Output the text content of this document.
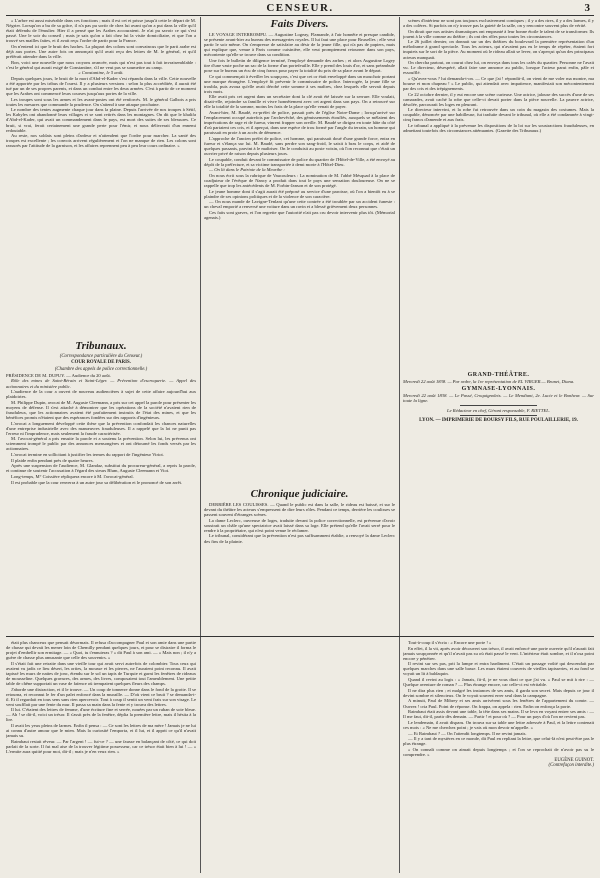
CENSEUR.	3

« L'arbre est aussi misérable dans ces fonctions ; mais il est cet et prisse jusqu'à cette le départ de M. Négrier. Lorsqu'on a bu de sa grâce, il n'a pas pu sortir de chez lui avant qu'on a put dans la ville qu'il était défendu de l'émulier. Hier il a pensé que les Arabes accouraient. Je n'ai pu savoir ce qui s'est passé. Une le soir du conseil ; mais je sais qu'on a fait chez lui la visite domiciliaire, et que l'on a trouvé ses mailles faites, et il avait reçu l'ordre de partir pour la France.

On n'entend ici que le bruit des haches. La plupart des colons sont convaincus que le parti arabe est déjà aux portes. Une autre fois on annonçait qu'il avait reçu des lettres de M. le général, et qu'il préférait attendre dans la ville.

Bon, voici une nouvelle que nous croyons avancée, mais qui n'est pas tout à fait invraisemblable : c'est le général qui aurait exigé de Constantine, s'il ne veut pas se soumettre au camp.

« Constantine, le 5 août.

Depuis quelques jours, le bruit de la mort d'Abd-el-Kader s'est répandu dans la ville. Cette nouvelle a été apportée par les tribus de l'ouest. Il y a plusieurs versions : selon la plus accréditée, il aurait été tué par un de ses propres parents, et dans un combat entre les deux armées. C'est à partir de ce moment que les Arabes ont commencé leurs courses jusqu'aux portes de la ville.

Les troupes sont sous les armes et les avant-postes ont été renforcés. M. le général Galbois a pris toutes les mesures que commande la prudence. On s'attend à une attaque prochaine.

Le nombre des tentes augmente chaque jour dans la plaine. Depuis l'arrivée de nos troupes à Sétif, les Kabyles ont abandonné leurs villages et se sont retirés dans les montagnes. On dit que le khalifa d'Abd-el-Kader, qui avait un commandement dans le pays, est mort des suites de ses blessures. Ce bruit, si vrai, ferait certainement une grande perte pour l'émir, et nous délivrerait d'un ennemi redoutable.

Au reste, nos soldats sont pleins d'ardeur et n'attendent que l'ordre pour marcher. La santé des troupes est excellente ; les convois arrivent régulièrement et l'on ne manque de rien. Les colons sont rassurés par l'attitude de la garnison, et les affaires reprennent peu à peu leur cours ordinaire. »

Tribunaux.
(Correspondance particulière du Censeur.)
COUR ROYALE DE PARIS.
(Chambre des appels de police correctionnelle.)

PRÉSIDENCE DE M. DUPUY. — Audience du 20 août.

Rôle des mines de Saint-Bérain et Saint-Léger. — Prévention d'escroquerie. — Appel des actionnaires et du ministère public.

L'audience de la cour a ouvert de nouveau audiencières à sujet de cette affaire aujourd'hui aux plaidoiries.

M. Philippe Dupin, avocat de M. Auguste Cleemann, a pris sur cet appel la parole pour présenter les moyens de défense. Il s'est attaché à démontrer que les opérations de la société n'avaient rien de frauduleux, que les actionnaires avaient été parfaitement instruits de l'état des mines, et que les bénéfices promis n'étaient que des espérances fondées sur des rapports d'ingénieurs.

L'avocat a longuement développé cette thèse que la prévention confondait les chances naturelles d'une entreprise industrielle avec des manœuvres frauduleuses. Il a rappelé que la loi ne punit pas l'erreur ni l'imprudence, mais seulement la fraude caractérisée.

M. l'avocat-général a pris ensuite la parole et a soutenu la prévention. Selon lui, les prévenus ont sciemment trompé le public par des annonces mensongères et ont détourné les fonds versés par les actionnaires.

L'avocat termine en sollicitant à justifier les termes du rapport de l'ingénieur Viriot.

Il plaide enfin pendant près de quatre heures.

Après une suspension de l'audience, M. Glandaz, substitut du procureur-général, a repris la parole, et continue de soutenir l'accusation à l'égard des sieurs Blum, Auguste Cleemann et Viot.

Long-temps, M° Coissière répliquera encore à M. l'avocat-général.

Il est probable que la cour renverra à un autre jour sa délibération et le prononcé de son arrêt.

était plus chanceux que pensait désormais. Il refusa d'accompagner Paul et son amie dans une partie de chasse qui devait les mener loin de Chemilly pendant quelques jours, et pour se distraire il forma le projet d'embellir son ermitage. — « Quoi, tu t'ennuieras ? » dit Paul à son ami. — « Mais non ; il n'y a guère de chasse plus amusante que celle des souvenirs. »

Il s'était fait une retraite dans une vieille tour qui avait servi autrefois de colombier. Tous ceux qui avaient vu jadis ce lieu désert, les orties, la mousse et les pierres, ne l'auraient point reconnu. Il avait tapissé les murs de nattes de jonc, étendu sur le sol un tapis de Turquie et garni les fenêtres de rideaux de mousseline. Quelques gravures, des armes, des livres, composaient tout l'ameublement. Une petite table de chêne supportait un vase de faïence où trempaient quelques fleurs des champs.

J'aborde une distraction, et il le trouve. — Un coup de tonnerre donne dans le fond de la grotte. Il se retourna, et reconnut le fer d'un palet enfoncé dans la muraille. — D'où vient ce bruit ? se demanda-t-il. Et il regardait en tous sens sans rien apercevoir. Tout à coup il sentit un vent frais sur son visage. Le vent soufflait par une fente du mur. Il passa sa main dans la fente et y trouva des lettres.

Il lut. C'étaient des lettres de femme, d'une écriture fine et serrée, nouées par un ruban de soie bleue. — Ah ! se dit-il, voici un trésor. Il s'assit près de la fenêtre, déplia la première lettre, mais il hésita à la lire.

Il avait les yeux pleins de larmes. Enfin il pensa : — Ce sont les lettres de ma mère ! Jamais je ne lui ai connu d'autre amour que le mien. Mais la curiosité l'emporta, et il lut, et il apprit ce qu'il n'avait jamais su.

Raimbaut restait rêveur. — Par l'argent ! — fut-ce ? — une fausse en balançant de côté, ce qui doit parlait de la sorte. Il fut mal aise de la trouver légitime possesseur, car ce trésor était bien à lui ! — « L'ermite aura quitté pour moi, dit-il ; mais je n'en veux rien. »

Faits Divers.

LE VOYAGE INTERROMPU. — Augustine Logeay, Flamande, à l'air honnête et presque candide, se présente avant-hier au bureau des messageries royales. Il lui faut une place pour Bruxelles ; elle veut partir le soir même. On s'empresse de satisfaire au désir de la jeune fille, qui n'a pas de papiers, mais qui explique que, venue à Paris comme cuisinière, elle veut promptement retourner dans son pays, mécontente qu'elle se trouve dans sa condition.

Une fois le bulletin de diligence terminé, l'employé demande des arrhes ; et alors Augustine Logey tire d'une vaste poche un sac de la forme d'un portefeuille. Elle y prend des louis d'or, et sans préambule pose sur le bureau un écu de cinq francs pour payer la totalité du prix de sa place avant le départ.

Ce qui commençait à éveiller les soupçons, c'est que cet or était enveloppé dans un mouchoir portant une marque étrangère. L'employé fit prévenir le commissaire de police. Interrogée, la jeune fille se troubla, puis avoua qu'elle avait dérobé cette somme à ses maîtres, chez lesquels elle servait depuis trois mois.

Elle avait pris cet argent dans un secrétaire dont la clé avait été laissée sur la serrure. Elle voulait, disait-elle, rejoindre sa famille et vivre honnêtement avec cet argent dans son pays. On a retrouvé sur elle la totalité de la somme, moins les frais de la place qu'elle venait de payer.

Avant-hier, M. Baudé, ex-préfet de police, passait près de l'église Notre-Dame ; lorsqu'arrivé sur l'emplacement occupé autrefois par l'archevêché, des gémissements étouffés, auxquels se mêlaient des imprécations de rage et de fureur, vinrent frapper son oreille. M. Baudé se dirigea en toute hâte du côté d'où partaient ces cris, et il aperçut, dans une espèce de trou formé par l'angle du terrain, un homme qui paraissait en proie à un accès de démence.

L'approche de l'ancien préfet de police, cet homme, qui paraissait doué d'une grande force, entra en fureur et s'élança sur lui. M. Baudé, sans perdre son sang-froid, le saisit à bras le corps, et aidé de quelques passants, parvint à le maîtriser. On le conduisit au poste voisin, où l'on reconnut que c'était un ouvrier privé de raison depuis plusieurs jours.

Le coupable, conduit devant le commissaire de police du quartier de l'Hôtel-de-Ville, a été envoyé au dépôt de la préfecture, et sa victime transportée à demi morte à l'Hôtel-Dieu.

— On lit dans le Patriote de la Meurthe :

On nous écrit sous la rubrique de Vaucouleurs : La nomination de M. l'abbé Mésquad à la place de coadjuteur de l'évêque de Nancy a produit dans tout le pays une sensation douloureuse. On ne se rappelle que trop les antécédents de M. Forbin-Janson et de son protégé.

Le jeune homme dont il s'agit aurait été préposé au service d'une paroisse, où l'on a bientôt eu à se plaindre de ses opinions politiques et de la violence de son caractère.

— On nous mande de Lavigne-Tenlant qu'une cette contrée a été troublée par un accident funeste : un cheval emporté a renversé une voiture dans un ravin et a blessé grièvement deux personnes.

Ces faits sont graves, et l'on regrette que l'autorité n'ait pas cru devoir intervenir plus tôt. (Mémorial agenais.)

Chronique judiciaire.

DERRIÈRE LES COULISSES. — Quand le public est dans la salle, le rideau est baissé, et sur le devant du théâtre les acteurs s'empressent de dire leurs rôles. Pendant ce temps, derrière les coulisses se passent souvent d'étranges scènes.

La dame Leclerc, ouvreuse de loges, traduite devant la police correctionnelle, est prévenue d'avoir soustrait un châle qu'une spectatrice avait laissé dans sa loge. Elle prétend qu'elle l'avait serré pour le rendre à la propriétaire, qui n'est point venue le réclamer.

Le tribunal, considérant que la prévention n'est pas suffisamment établie, a renvoyé la dame Leclerc des fins de la plainte.

scènes d'intérieur ne sont pas toujours exclusivement comiques ; il y a des rires, il y a des larmes, il y a des colères. Si parfois on n'y trouve pas la gaieté de la salle, on y rencontre souvent plus de vérité.

On dirait que nos artistes dramatiques ont emprunté à leur bonne étoile le talent de se transformer. Ils jouent à la ville comme au théâtre ; ils ont des rôles pour toutes les circonstances.

Le 26 juillet dernier, on donnait sur un des théâtres du boulevard la première représentation d'un mélodrame à grand spectacle. Tous les acteurs, qui n'avaient pas eu le temps de répéter, étaient fort inquiets sur le sort de la pièce. Au moment où le rideau allait se lever, on s'aperçut qu'un des principaux acteurs manquait.

On chercha partout, on courut chez lui, on envoya dans tous les cafés du quartier. Personne ne l'avait vu. Le directeur, désespéré, allait faire une annonce au public, lorsque l'acteur parut enfin, pâle et essoufflé.

« Qu'avez-vous ? lui demanda-t-on. — Ce que j'ai ! répondit-il, on vient de me voler ma montre, ma bourse et mon chapeau ! » Le public, qui attendait avec impatience, manifestait son mécontentement par des cris et des trépignements.

Ce 22 octobre dernier, il y eut encore une scène curieuse. Une actrice, jalouse des succès d'une de ses camarades, avait caché la robe que celle-ci devait porter dans la pièce nouvelle. La pauvre actrice, désolée, parcourait les loges en pleurant.

Le directeur intervint, et la robe fut retrouvée dans un coin du magasin des costumes. Mais la coupable, dénoncée par une habilleuse, fut traduite devant le tribunal, où elle a été condamnée à vingt-cinq francs d'amende et aux frais.

Le tribunal a appliqué à la prévenue les dispositions de la loi sur les soustractions frauduleuses, en admettant toutefois des circonstances atténuantes. (Gazette des Tribunaux.)

GRAND-THÉÂTRE.

Mercredi 22 août 1838. — Par ordre, la 1re représentation de EL VIRGER.— Brunet, Diana.

GYMNASE-LYONNAIS.

Mercredi 22 août 1838. — Le Passé, Croquignolets. — Le Mendiant, 2e. Lucie et le Bonheur. — Sur toute la ligne.

Le Rédacteur en chef, Gérant responsable, F. RIETTEL.

LYON. — IMPRIMERIE DE BOURSY FILS, RUE POULAILLERIE, 19.

Tout-à-coup il s'écria : « Encore une porte ! »

En effet, il la vit, après avoir découvert son trésor, il avait enfoncé une porte ouverte qu'il n'aurait fait jamais soupçonnée et qu'il n'avait pas su où était passé le vent. L'intérieur était sombre, et il n'osa point encore y pénétrer.

Il revint sur ses pas, prit la lampe et entra hardiment. C'était un passage voûté qui descendait par quelques marches dans une salle basse. Les murs étaient couverts de vieilles tapisseries, et au fond se voyait un lit à baldaquin.

Quand il revint au logis : « Jamais, fit-il, je ne vous dirai ce que j'ai vu. » Paul se mit à rire : — Quelque aventure de roman ? — Plus étrange encore, car celle-ci est véritable.

Il ne dira plus rien ; et malgré les instances de ses amis, il garda son secret. Mais depuis ce jour il devint sombre et silencieux. On le voyait souvent errer seul dans la campagne.

A minuit, Paul de Mibrey et ses amis arrivèrent sous les fenêtres de l'appartement du comte. — Ouvrez ! cria Paul. Point de réponse. On frappa, on appela : rien. Enfin on enfonça la porte.

Raimbaut était assis devant une table, la tête dans ses mains. Il se leva en voyant entrer ses amis : — Il me faut, dit-il, partir dès demain. — Partir ! et pour où ? — Pour un pays d'où l'on ne revient pas.

Le lendemain, il avait disparu. On trouva sur sa table une lettre adressée à Paul, et la lettre contenait ces mots : « Ne me cherchez point ; je vais où mon devoir m'appelle. »

— Et Raimbaut ? — On l'attendit longtemps. Il ne revint jamais.

— Il y a tant de mystères en ce monde, dit Paul en repliant la lettre, que celui-là n'est peut-être pas le plus étrange.

« On connaît comme on aimait depuis longtemps ; et l'on se reprochait de n'avoir pas su le comprendre. »

EUGÈNE GUINOT.

(Contrefaçon interdite.)
